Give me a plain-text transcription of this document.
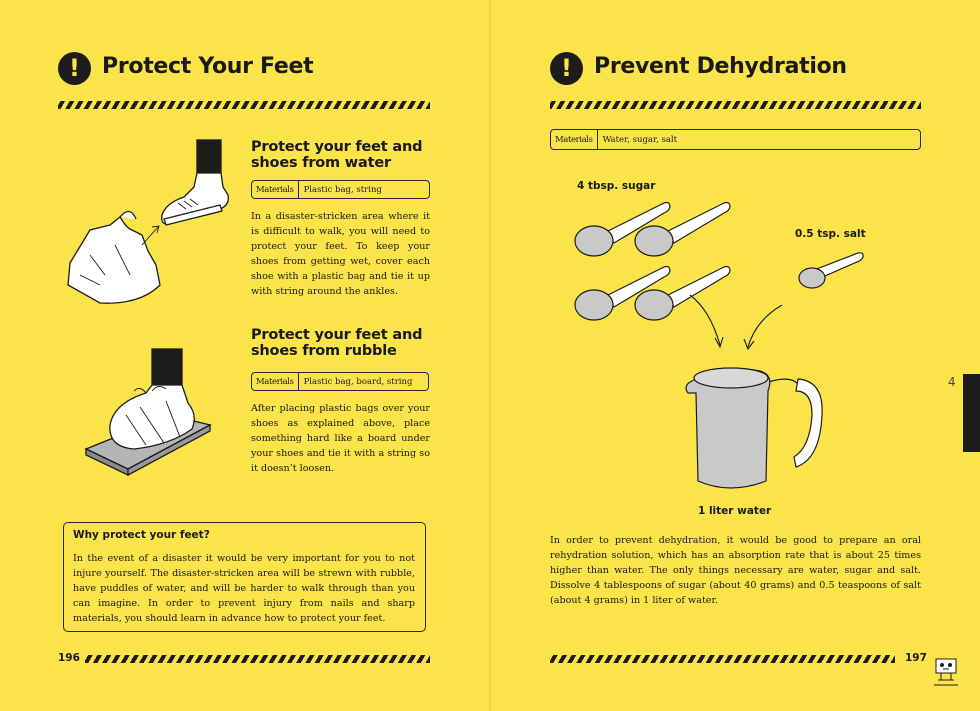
!	Protect Your Feet
Protect your feet and shoes from water
Materials	Plastic bag, string
In a disaster-stricken area where it is difficult to walk, you will need to protect your feet. To keep your shoes from getting wet, cover each shoe with a plastic bag and tie it up with string around the ankles.
Protect your feet and shoes from rubble
Materials	Plastic bag, board, string
After placing plastic bags over your shoes as explained above, place something hard like a board under your shoes and tie it with a string so it doesn’t loosen.
Why protect your feet?
In the event of a disaster it would be very important for you to not injure yourself. The disaster-stricken area will be strewn with rubble, have puddles of water, and will be harder to walk through than you can imagine. In order to prevent injury from nails and sharp materials, you should learn in advance how to protect your feet.
196
!	Prevent Dehydration
Materials	Water, sugar, salt
4 tbsp. sugar
0.5 tsp. salt
1 liter water
In order to prevent dehydration, it would be good to prepare an oral rehydration solution, which has an absorption rate that is about 25 times higher than water. The only things necessary are water, sugar and salt. Dissolve 4 tablespoons of sugar (about 40 grams) and 0.5 teaspoons of salt (about 4 grams) in 1 liter of water.
197
4
